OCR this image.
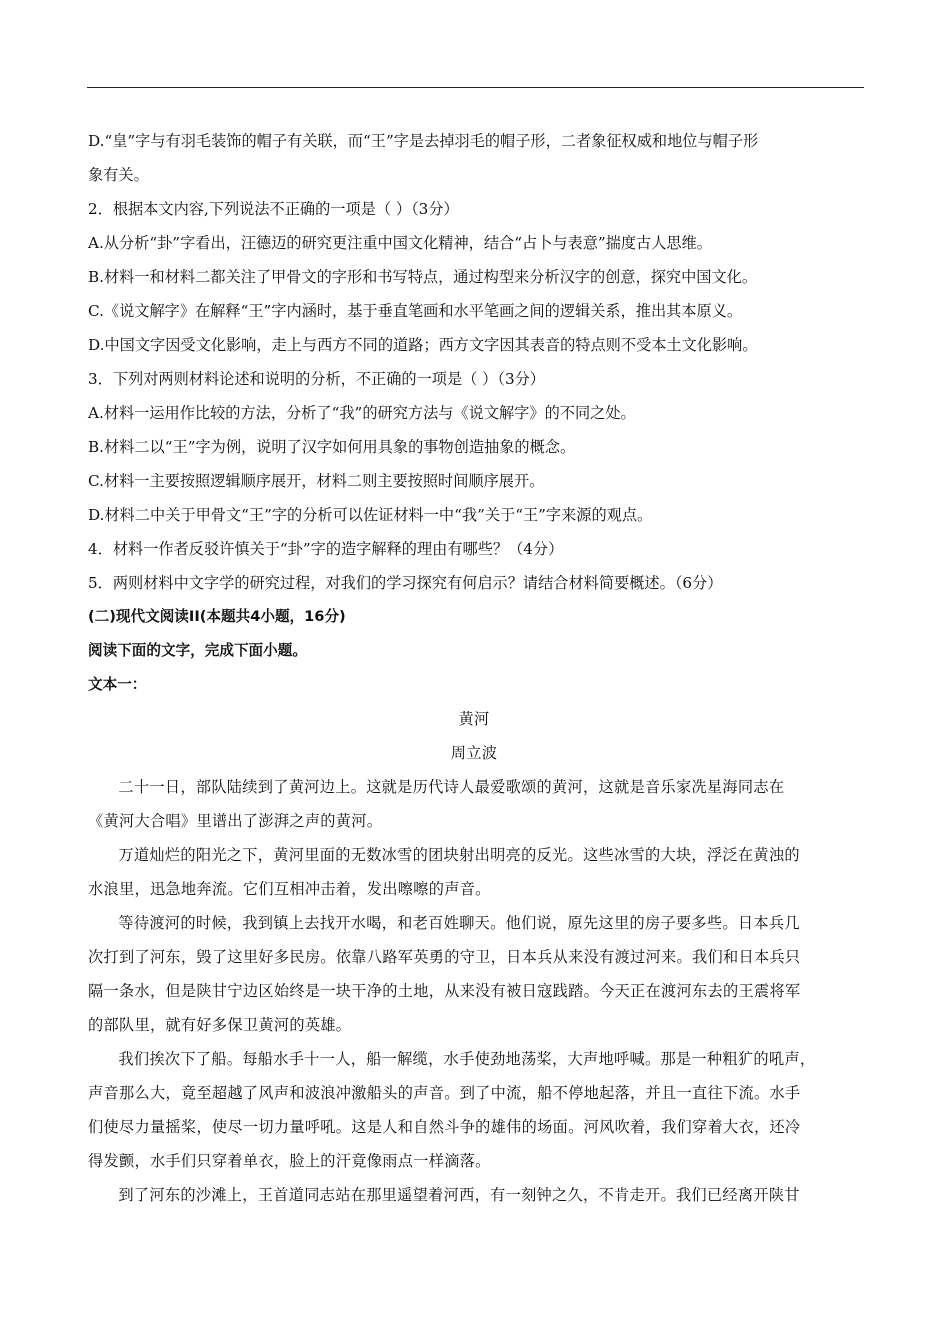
D.“皇”字与有羽毛装饰的帽子有关联，而“王”字是去掉羽毛的帽子形，二者象征权威和地位与帽子形
象有关。
2．根据本文内容,下列说法不正确的一项是（ ）（3分）
A.从分析“卦”字看出，汪德迈的研究更注重中国文化精神，结合“占卜与表意”揣度古人思维。
B.材料一和材料二都关注了甲骨文的字形和书写特点，通过构型来分析汉字的创意，探究中国文化。
C.《说文解字》在解释“王”字内涵时，基于垂直笔画和水平笔画之间的逻辑关系，推出其本原义。
D.中国文字因受文化影响，走上与西方不同的道路；西方文字因其表音的特点则不受本土文化影响。
3．下列对两则材料论述和说明的分析，不正确的一项是（ ）（3分）
A.材料一运用作比较的方法，分析了“我”的研究方法与《说文解字》的不同之处。
B.材料二以“王”字为例，说明了汉字如何用具象的事物创造抽象的概念。
C.材料一主要按照逻辑顺序展开，材料二则主要按照时间顺序展开。
D.材料二中关于甲骨文“王”字的分析可以佐证材料一中“我”关于“王”字来源的观点。
4．材料一作者反驳许慎关于“卦”字的造字解释的理由有哪些？（4分）
5．两则材料中文字学的研究过程，对我们的学习探究有何启示？请结合材料简要概述。（6分）
(二)现代文阅读II(本题共4小题，16分)
阅读下面的文字，完成下面小题。
文本一：
黄河
周立波
二十一日，部队陆续到了黄河边上。这就是历代诗人最爱歌颂的黄河，这就是音乐家冼星海同志在
《黄河大合唱》里谱出了澎湃之声的黄河。
万道灿烂的阳光之下，黄河里面的无数冰雪的团块射出明亮的反光。这些冰雪的大块，浮泛在黄浊的
水浪里，迅急地奔流。它们互相冲击着，发出嚓嚓的声音。
等待渡河的时候，我到镇上去找开水喝，和老百姓聊天。他们说，原先这里的房子要多些。日本兵几
次打到了河东，毁了这里好多民房。依靠八路军英勇的守卫，日本兵从来没有渡过河来。我们和日本兵只
隔一条水，但是陕甘宁边区始终是一块干净的土地，从来没有被日寇践踏。今天正在渡河东去的王震将军
的部队里，就有好多保卫黄河的英雄。
我们挨次下了船。每船水手十一人，船一解缆，水手使劲地荡桨，大声地呼喊。那是一种粗犷的吼声，
声音那么大，竟至超越了风声和波浪冲激船头的声音。到了中流，船不停地起落，并且一直往下流。水手
们使尽力量摇桨，使尽一切力量呼吼。这是人和自然斗争的雄伟的场面。河风吹着，我们穿着大衣，还冷
得发颤，水手们只穿着单衣，脸上的汗竟像雨点一样滴落。
到了河东的沙滩上，王首道同志站在那里遥望着河西，有一刻钟之久，不肯走开。我们已经离开陕甘
